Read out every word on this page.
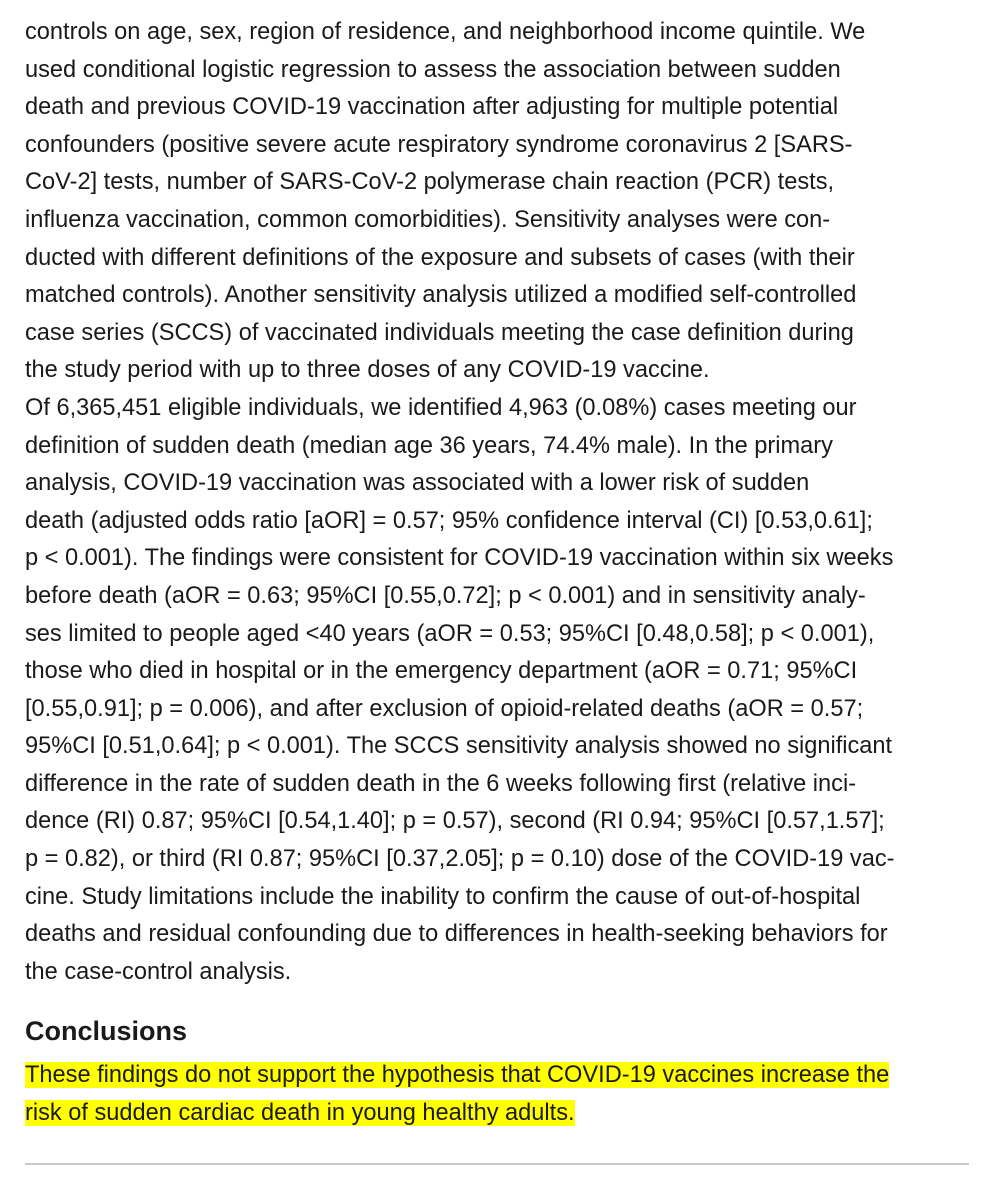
controls on age, sex, region of residence, and neighborhood income quintile. We
used conditional logistic regression to assess the association between sudden
death and previous COVID-19 vaccination after adjusting for multiple potential
confounders (positive severe acute respiratory syndrome coronavirus 2 [SARS-
CoV-2] tests, number of SARS-CoV-2 polymerase chain reaction (PCR) tests,
influenza vaccination, common comorbidities). Sensitivity analyses were con-
ducted with different definitions of the exposure and subsets of cases (with their
matched controls). Another sensitivity analysis utilized a modified self-controlled
case series (SCCS) of vaccinated individuals meeting the case definition during
the study period with up to three doses of any COVID-19 vaccine.

Of 6,365,451 eligible individuals, we identified 4,963 (0.08%) cases meeting our
definition of sudden death (median age 36 years, 74.4% male). In the primary
analysis, COVID-19 vaccination was associated with a lower risk of sudden
death (adjusted odds ratio [aOR] = 0.57; 95% confidence interval (CI) [0.53,0.61];
p < 0.001). The findings were consistent for COVID-19 vaccination within six weeks
before death (aOR = 0.63; 95%CI [0.55,0.72]; p < 0.001) and in sensitivity analy-
ses limited to people aged <40 years (aOR = 0.53; 95%CI [0.48,0.58]; p < 0.001),
those who died in hospital or in the emergency department (aOR = 0.71; 95%CI
[0.55,0.91]; p = 0.006), and after exclusion of opioid-related deaths (aOR = 0.57;
95%CI [0.51,0.64]; p < 0.001). The SCCS sensitivity analysis showed no significant
difference in the rate of sudden death in the 6 weeks following first (relative inci-
dence (RI) 0.87; 95%CI [0.54,1.40]; p = 0.57), second (RI 0.94; 95%CI [0.57,1.57];
p = 0.82), or third (RI 0.87; 95%CI [0.37,2.05]; p = 0.10) dose of the COVID-19 vac-
cine. Study limitations include the inability to confirm the cause of out-of-hospital
deaths and residual confounding due to differences in health-seeking behaviors for
the case-control analysis.

Conclusions

These findings do not support the hypothesis that COVID-19 vaccines increase the
risk of sudden cardiac death in young healthy adults.
